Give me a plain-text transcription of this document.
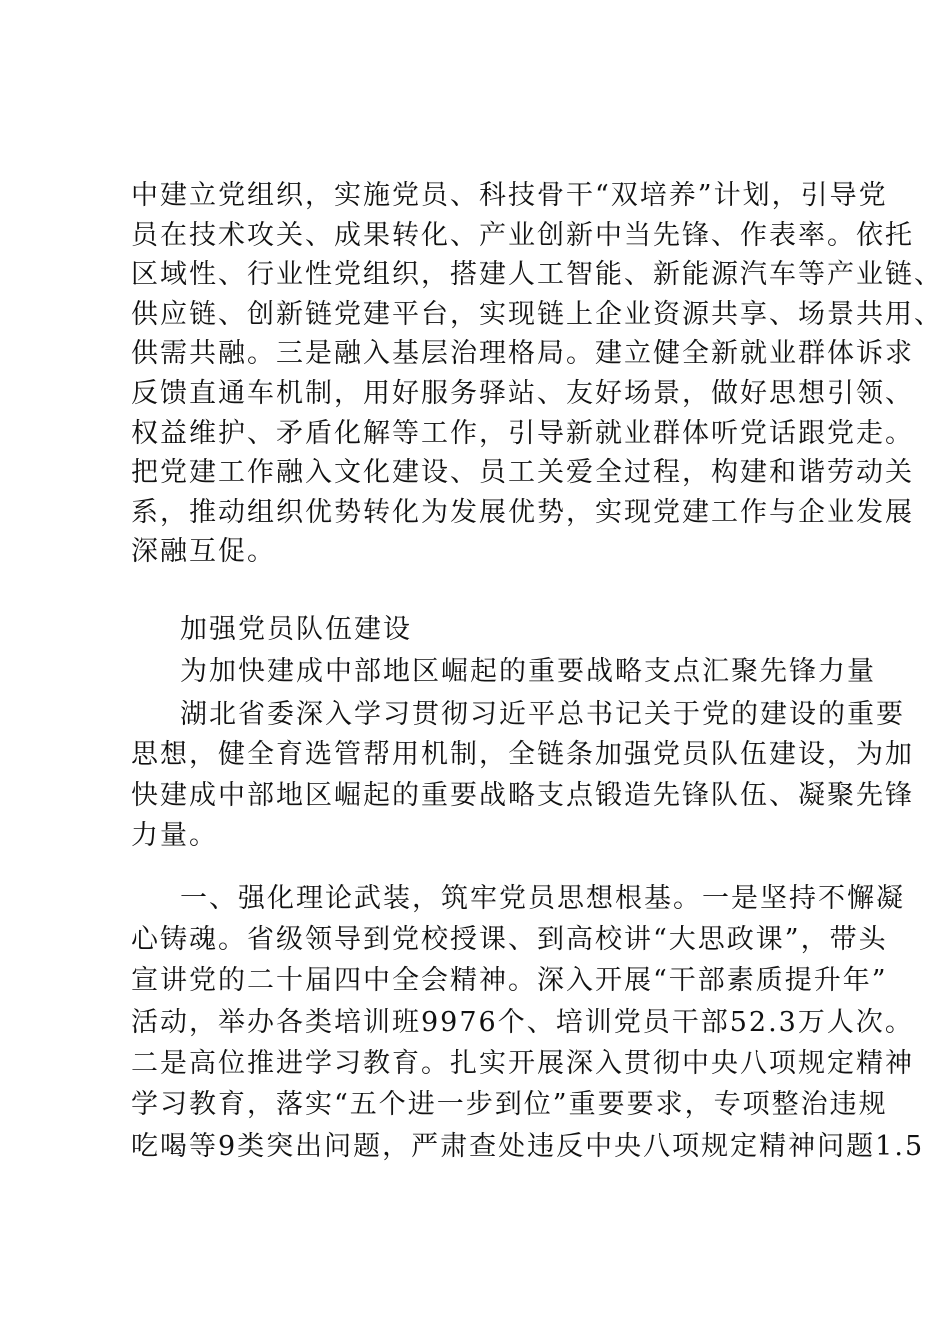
中建立党组织，实施党员、科技骨干“双培养”计划，引导党
员在技术攻关、成果转化、产业创新中当先锋、作表率。依托
区域性、行业性党组织，搭建人工智能、新能源汽车等产业链、
供应链、创新链党建平台，实现链上企业资源共享、场景共用、
供需共融。三是融入基层治理格局。建立健全新就业群体诉求
反馈直通车机制，用好服务驿站、友好场景，做好思想引领、
权益维护、矛盾化解等工作，引导新就业群体听党话跟党走。
把党建工作融入文化建设、员工关爱全过程，构建和谐劳动关
系，推动组织优势转化为发展优势，实现党建工作与企业发展
深融互促。
加强党员队伍建设
为加快建成中部地区崛起的重要战略支点汇聚先锋力量
湖北省委深入学习贯彻习近平总书记关于党的建设的重要
思想，健全育选管帮用机制，全链条加强党员队伍建设，为加
快建成中部地区崛起的重要战略支点锻造先锋队伍、凝聚先锋
力量。
一、强化理论武装，筑牢党员思想根基。一是坚持不懈凝
心铸魂。省级领导到党校授课、到高校讲“大思政课”，带头
宣讲党的二十届四中全会精神。深入开展“干部素质提升年”
活动，举办各类培训班9976个、培训党员干部52.3万人次。
二是高位推进学习教育。扎实开展深入贯彻中央八项规定精神
学习教育，落实“五个进一步到位”重要要求，专项整治违规
吃喝等9类突出问题，严肃查处违反中央八项规定精神问题1.5
